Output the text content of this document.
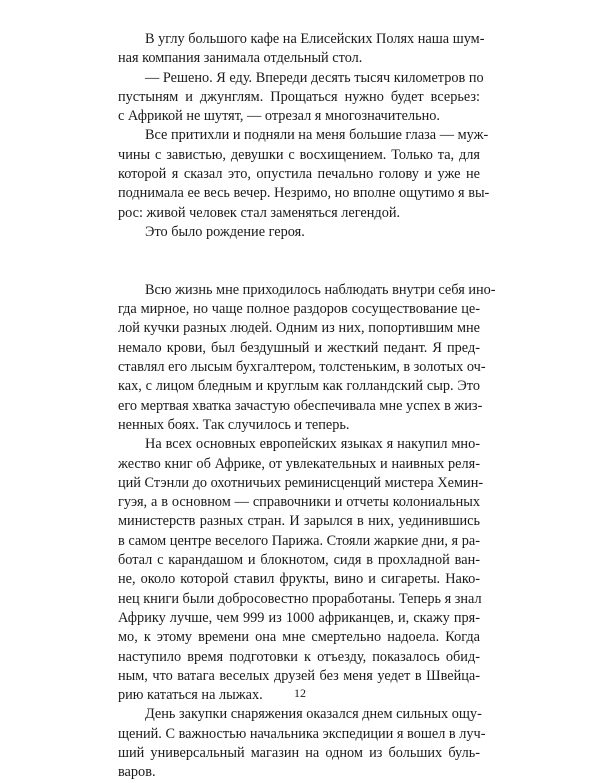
В углу большого кафе на Елисейских Полях наша шум-
ная компания занимала отдельный стол.
— Решено. Я еду. Впереди десять тысяч километров по
пустыням и джунглям. Прощаться нужно будет всерьез:
с Африкой не шутят, — отрезал я многозначительно.
Все притихли и подняли на меня большие глаза — муж-
чины с завистью, девушки с восхищением. Только та, для
которой я сказал это, опустила печально голову и уже не
поднимала ее весь вечер. Незримо, но вполне ощутимо я вы-
рос: живой человек стал заменяться легендой.
Это было рождение героя.
Всю жизнь мне приходилось наблюдать внутри себя ино-
гда мирное, но чаще полное раздоров сосуществование це-
лой кучки разных людей. Одним из них, попортившим мне
немало крови, был бездушный и жесткий педант. Я пред-
ставлял его лысым бухгалтером, толстеньким, в золотых оч-
ках, с лицом бледным и круглым как голландский сыр. Это
его мертвая хватка зачастую обеспечивала мне успех в жиз-
ненных боях. Так случилось и теперь.
На всех основных европейских языках я накупил мно-
жество книг об Африке, от увлекательных и наивных реля-
ций Стэнли до охотничьих реминисценций мистера Хемин-
гуэя, а в основном — справочники и отчеты колониальных
министерств разных стран. И зарылся в них, уединившись
в самом центре веселого Парижа. Стояли жаркие дни, я ра-
ботал с карандашом и блокнотом, сидя в прохладной ван-
не, около которой ставил фрукты, вино и сигареты. Нако-
нец книги были добросовестно проработаны. Теперь я знал
Африку лучше, чем 999 из 1000 африканцев, и, скажу пря-
мо, к этому времени она мне смертельно надоела. Когда
наступило время подготовки к отъезду, показалось обид-
ным, что ватага веселых друзей без меня уедет в Швейца-
рию кататься на лыжах.
День закупки снаряжения оказался днем сильных ощу-
щений. С важностью начальника экспедиции я вошел в луч-
ший универсальный магазин на одном из больших буль-
варов.
12
